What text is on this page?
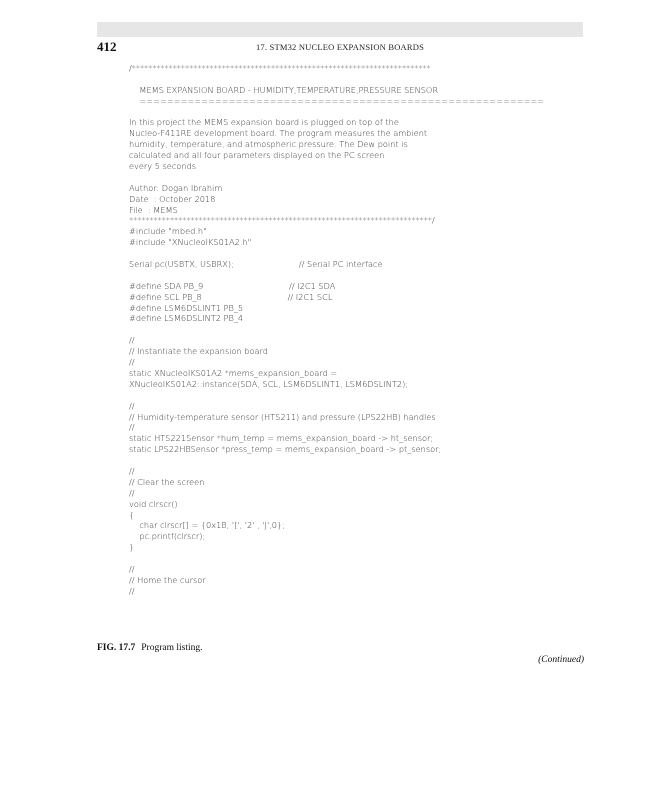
412	17. STM32 NUCLEO EXPANSION BOARDS
/*************************************************************************
MEMS EXPANSION BOARD - HUMIDITY,TEMPERATURE,PRESSURE SENSOR
===========================================================
In this project the MEMS expansion board is plugged on top of the
Nucleo-F411RE development board. The program measures the ambient
humidity, temperature, and atmospheric pressure. The Dew point is
calculated and all four parameters displayed on the PC screen
every 5 seconds
Author: Dogan Ibrahim
Date  : October 2018
File  : MEMS
**************************************************************************/
#include "mbed.h"
#include "XNucleoIKS01A2.h"
Serial pc(USBTX, USBRX);                         // Serial PC interface
#define SDA PB_9                                 // I2C1 SDA
#define SCL PB_8                                 // I2C1 SCL
#define LSM6DSLINT1 PB_5
#define LSM6DSLINT2 PB_4
//
// Instantiate the expansion board
//
static XNucleoIKS01A2 *mems_expansion_board =
XNucleoIKS01A2::instance(SDA, SCL, LSM6DSLINT1, LSM6DSLINT2);
//
// Humidity-temperature sensor (HTS211) and pressure (LPS22HB) handles
//
static HTS221Sensor *hum_temp = mems_expansion_board -> ht_sensor;
static LPS22HBSensor *press_temp = mems_expansion_board -> pt_sensor;
//
// Clear the screen
//
void clrscr()
{
char clrscr[] = {0x1B, '[', '2' , 'J',0};
pc.printf(clrscr);
}
//
// Home the cursor
//
FIG. 17.7 Program listing.
(Continued)
